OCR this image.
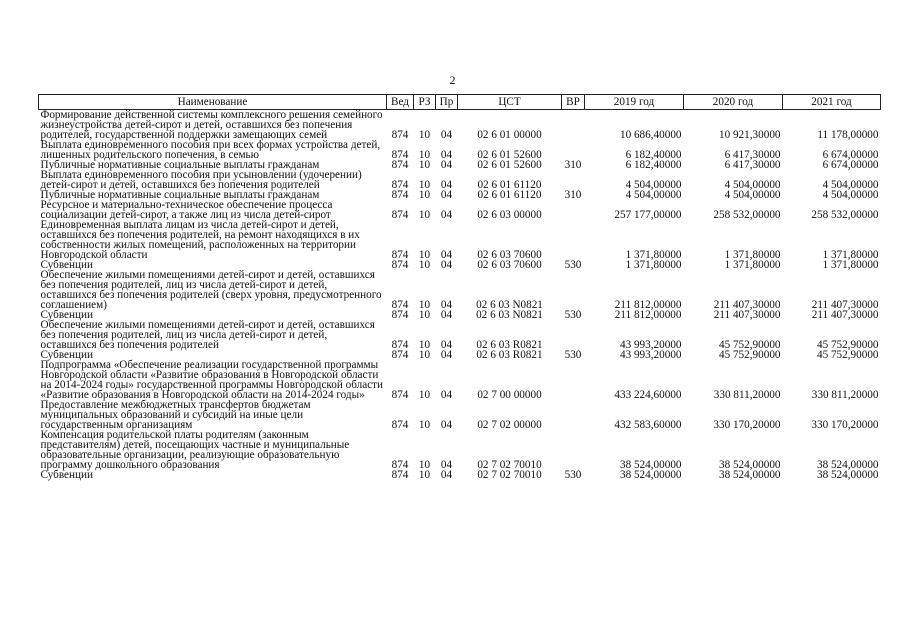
2
Наименование	Вед	РЗ	Пр	ЦСТ	ВР	2019 год	2020 год	2021 год
Формирование действенной системы комплексного решения семейного жизнеустройства детей-сирот и детей, оставшихся без попечения родителей, государственной поддержки замещающих семей	874	10	04	02 6 01 00000		10 686,40000	10 921,30000	11 178,00000
Выплата единовременного пособия при всех формах устройства детей, лишенных родительского попечения, в семью	874	10	04	02 6 01 52600		6 182,40000	6 417,30000	6 674,00000
Публичные нормативные социальные выплаты гражданам	874	10	04	02 6 01 52600	310	6 182,40000	6 417,30000	6 674,00000
Выплата единовременного пособия при усыновлении (удочерении) детей-сирот и детей, оставшихся без попечения родителей	874	10	04	02 6 01 61120		4 504,00000	4 504,00000	4 504,00000
Публичные нормативные социальные выплаты гражданам	874	10	04	02 6 01 61120	310	4 504,00000	4 504,00000	4 504,00000
Ресурсное и материально-техническое обеспечение процесса социализации детей-сирот, а также лиц из числа детей-сирот	874	10	04	02 6 03 00000		257 177,00000	258 532,00000	258 532,00000
Единовременная выплата лицам из числа детей-сирот и детей, оставшихся без попечения родителей, на ремонт находящихся в их собственности жилых помещений, расположенных на территории Новгородской области	874	10	04	02 6 03 70600		1 371,80000	1 371,80000	1 371,80000
Субвенции	874	10	04	02 6 03 70600	530	1 371,80000	1 371,80000	1 371,80000
Обеспечение жилыми помещениями детей-сирот и детей, оставшихся без попечения родителей, лиц из числа детей-сирот и детей, оставшихся без попечения родителей (сверх уровня, предусмотренного соглашением)	874	10	04	02 6 03 N0821		211 812,00000	211 407,30000	211 407,30000
Субвенции	874	10	04	02 6 03 N0821	530	211 812,00000	211 407,30000	211 407,30000
Обеспечение жилыми помещениями детей-сирот и детей, оставшихся без попечения родителей, лиц из числа детей-сирот и детей, оставшихся без попечения родителей	874	10	04	02 6 03 R0821		43 993,20000	45 752,90000	45 752,90000
Субвенции	874	10	04	02 6 03 R0821	530	43 993,20000	45 752,90000	45 752,90000
Подпрограмма «Обеспечение реализации государственной программы Новгородской области «Развитие образования в Новгородской области на 2014-2024 годы» государственной программы Новгородской области «Развитие образования в Новгородской области на 2014-2024 годы»	874	10	04	02 7 00 00000		433 224,60000	330 811,20000	330 811,20000
Предоставление межбюджетных трансфертов бюджетам муниципальных образований и субсидий на иные цели государственным организациям	874	10	04	02 7 02 00000		432 583,60000	330 170,20000	330 170,20000
Компенсация родительской платы родителям (законным представителям) детей, посещающих частные и муниципальные образовательные организации, реализующие образовательную программу дошкольного образования	874	10	04	02 7 02 70010		38 524,00000	38 524,00000	38 524,00000
Субвенции	874	10	04	02 7 02 70010	530	38 524,00000	38 524,00000	38 524,00000
